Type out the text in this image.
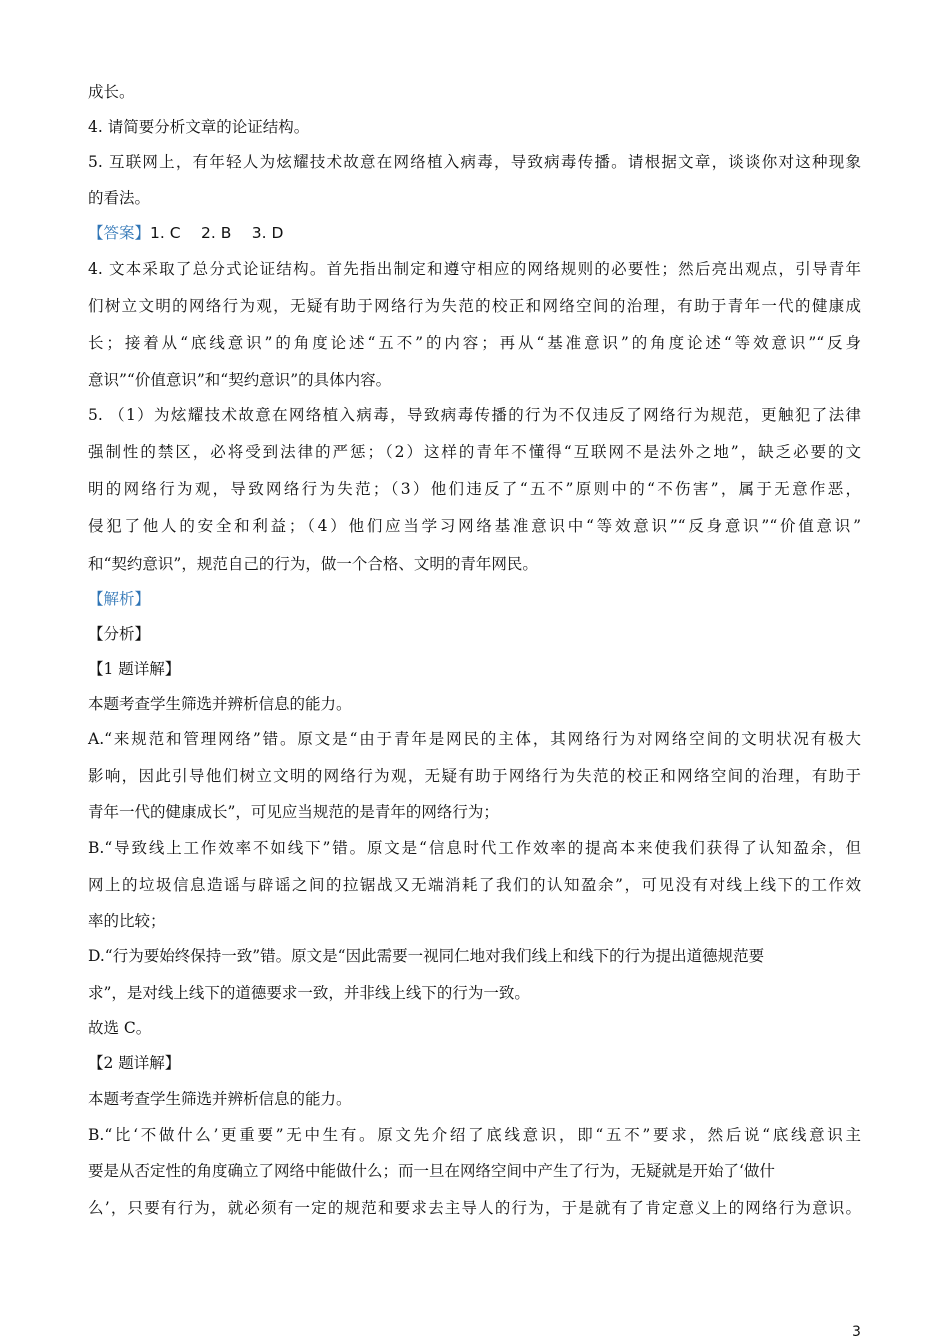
成长。
4. 请简要分析文章的论证结构。
5. 互联网上，有年轻人为炫耀技术故意在网络植入病毒，导致病毒传播。请根据文章，谈谈你对这种现象
的看法。
【答案】1. C　 2. B　 3. D
4. 文本采取了总分式论证结构。首先指出制定和遵守相应的网络规则的必要性；然后亮出观点，引导青年
们树立文明的网络行为观，无疑有助于网络行为失范的校正和网络空间的治理，有助于青年一代的健康成
长；接着从“底线意识”的角度论述“五不”的内容；再从“基准意识”的角度论述“等效意识”“反身
意识”“价值意识”和“契约意识”的具体内容。
5. （1）为炫耀技术故意在网络植入病毒，导致病毒传播的行为不仅违反了网络行为规范，更触犯了法律
强制性的禁区，必将受到法律的严惩；（2）这样的青年不懂得“互联网不是法外之地”，缺乏必要的文
明的网络行为观，导致网络行为失范；（3）他们违反了“五不”原则中的“不伤害”，属于无意作恶，
侵犯了他人的安全和利益；（4）他们应当学习网络基准意识中“等效意识”“反身意识”“价值意识”
和“契约意识”，规范自己的行为，做一个合格、文明的青年网民。
【解析】
【分析】
【1 题详解】
本题考查学生筛选并辨析信息的能力。
A.“来规范和管理网络”错。原文是“由于青年是网民的主体，其网络行为对网络空间的文明状况有极大
影响，因此引导他们树立文明的网络行为观，无疑有助于网络行为失范的校正和网络空间的治理，有助于
青年一代的健康成长”，可见应当规范的是青年的网络行为；
B.“导致线上工作效率不如线下”错。原文是“信息时代工作效率的提高本来使我们获得了认知盈余，但
网上的垃圾信息造谣与辟谣之间的拉锯战又无端消耗了我们的认知盈余”，可见没有对线上线下的工作效
率的比较；
D.“行为要始终保持一致”错。原文是“因此需要一视同仁地对我们线上和线下的行为提出道德规范要
求”，是对线上线下的道德要求一致，并非线上线下的行为一致。
故选 C。
【2 题详解】
本题考查学生筛选并辨析信息的能力。
B.“比‘不做什么’更重要”无中生有。原文先介绍了底线意识，即“五不”要求，然后说“底线意识主
要是从否定性的角度确立了网络中能做什么；而一旦在网络空间中产生了行为，无疑就是开始了‘做什
么’，只要有行为，就必须有一定的规范和要求去主导人的行为，于是就有了肯定意义上的网络行为意识。
3
